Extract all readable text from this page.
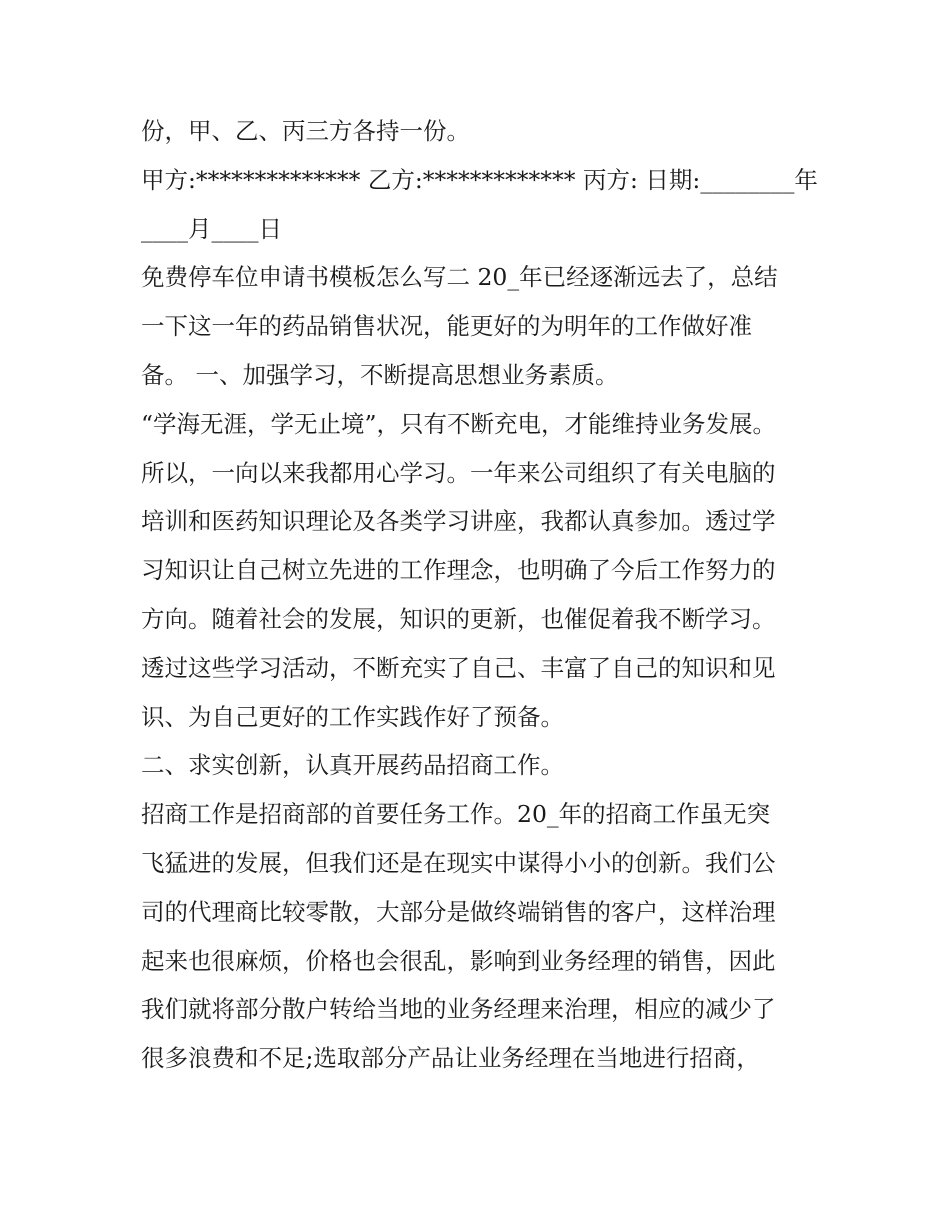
份，甲、乙、丙三方各持一份。
甲方:************** 乙方:************* 丙方: 日期:________年
____月____日
免费停车位申请书模板怎么写二 20_年已经逐渐远去了，总结
一下这一年的药品销售状况，能更好的为明年的工作做好准
备。 一、加强学习，不断提高思想业务素质。
“学海无涯，学无止境”，只有不断充电，才能维持业务发展。
所以，一向以来我都用心学习。一年来公司组织了有关电脑的
培训和医药知识理论及各类学习讲座，我都认真参加。透过学
习知识让自己树立先进的工作理念，也明确了今后工作努力的
方向。随着社会的发展，知识的更新，也催促着我不断学习。
透过这些学习活动，不断充实了自己、丰富了自己的知识和见
识、为自己更好的工作实践作好了预备。
二、求实创新，认真开展药品招商工作。
招商工作是招商部的首要任务工作。20_年的招商工作虽无突
飞猛进的发展，但我们还是在现实中谋得小小的创新。我们公
司的代理商比较零散，大部分是做终端销售的客户，这样治理
起来也很麻烦，价格也会很乱，影响到业务经理的销售，因此
我们就将部分散户转给当地的业务经理来治理，相应的减少了
很多浪费和不足;选取部分产品让业务经理在当地进行招商，
